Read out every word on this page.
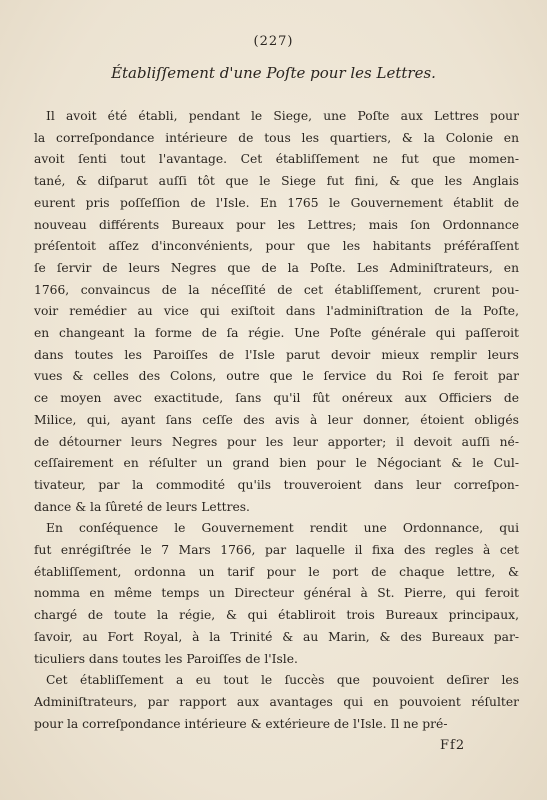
(227)
Établiſſement d'une Poſte pour les Lettres.
Il avoit été établi, pendant le Siege, une Poſte aux Lettres pour
la correſpondance intérieure de tous les quartiers, & la Colonie en
avoit ſenti tout l'avantage. Cet établiſſement ne fut que momen-
tané, & diſparut auſſi tôt que le Siege fut fini, & que les Anglais
eurent pris poſſeſſion de l'Isle. En 1765 le Gouvernement établit de
nouveau différents Bureaux pour les Lettres; mais ſon Ordonnance
préſentoit aſſez d'inconvénients, pour que les habitants préféraſſent
ſe ſervir de leurs Negres que de la Poſte. Les Adminiſtrateurs, en
1766, convaincus de la néceſſité de cet établiſſement, crurent pou-
voir remédier au vice qui exiſtoit dans l'adminiſtration de la Poſte,
en changeant la forme de ſa régie. Une Poſte générale qui paſſeroit
dans toutes les Paroiſſes de l'Isle parut devoir mieux remplir leurs
vues & celles des Colons, outre que le ſervice du Roi ſe feroit par
ce moyen avec exactitude, ſans qu'il fût onéreux aux Officiers de
Milice, qui, ayant ſans ceſſe des avis à leur donner, étoient obligés
de détourner leurs Negres pour les leur apporter; il devoit auſſi né-
ceſſairement en réſulter un grand bien pour le Négociant & le Cul-
tivateur, par la commodité qu'ils trouveroient dans leur correſpon-
dance & la ſûreté de leurs Lettres.
En conſéquence le Gouvernement rendit une Ordonnance, qui
fut enrégiſtrée le 7 Mars 1766, par laquelle il fixa des regles à cet
établiſſement, ordonna un tarif pour le port de chaque lettre, &
nomma en même temps un Directeur général à St. Pierre, qui feroit
chargé de toute la régie, & qui établiroit trois Bureaux principaux,
ſavoir, au Fort Royal, à la Trinité & au Marin, & des Bureaux par-
ticuliers dans toutes les Paroiſſes de l'Isle.
Cet établiſſement a eu tout le ſuccès que pouvoient deſirer les
Adminiſtrateurs, par rapport aux avantages qui en pouvoient réſulter
pour la correſpondance intérieure & extérieure de l'Isle. Il ne pré-
Ff2
